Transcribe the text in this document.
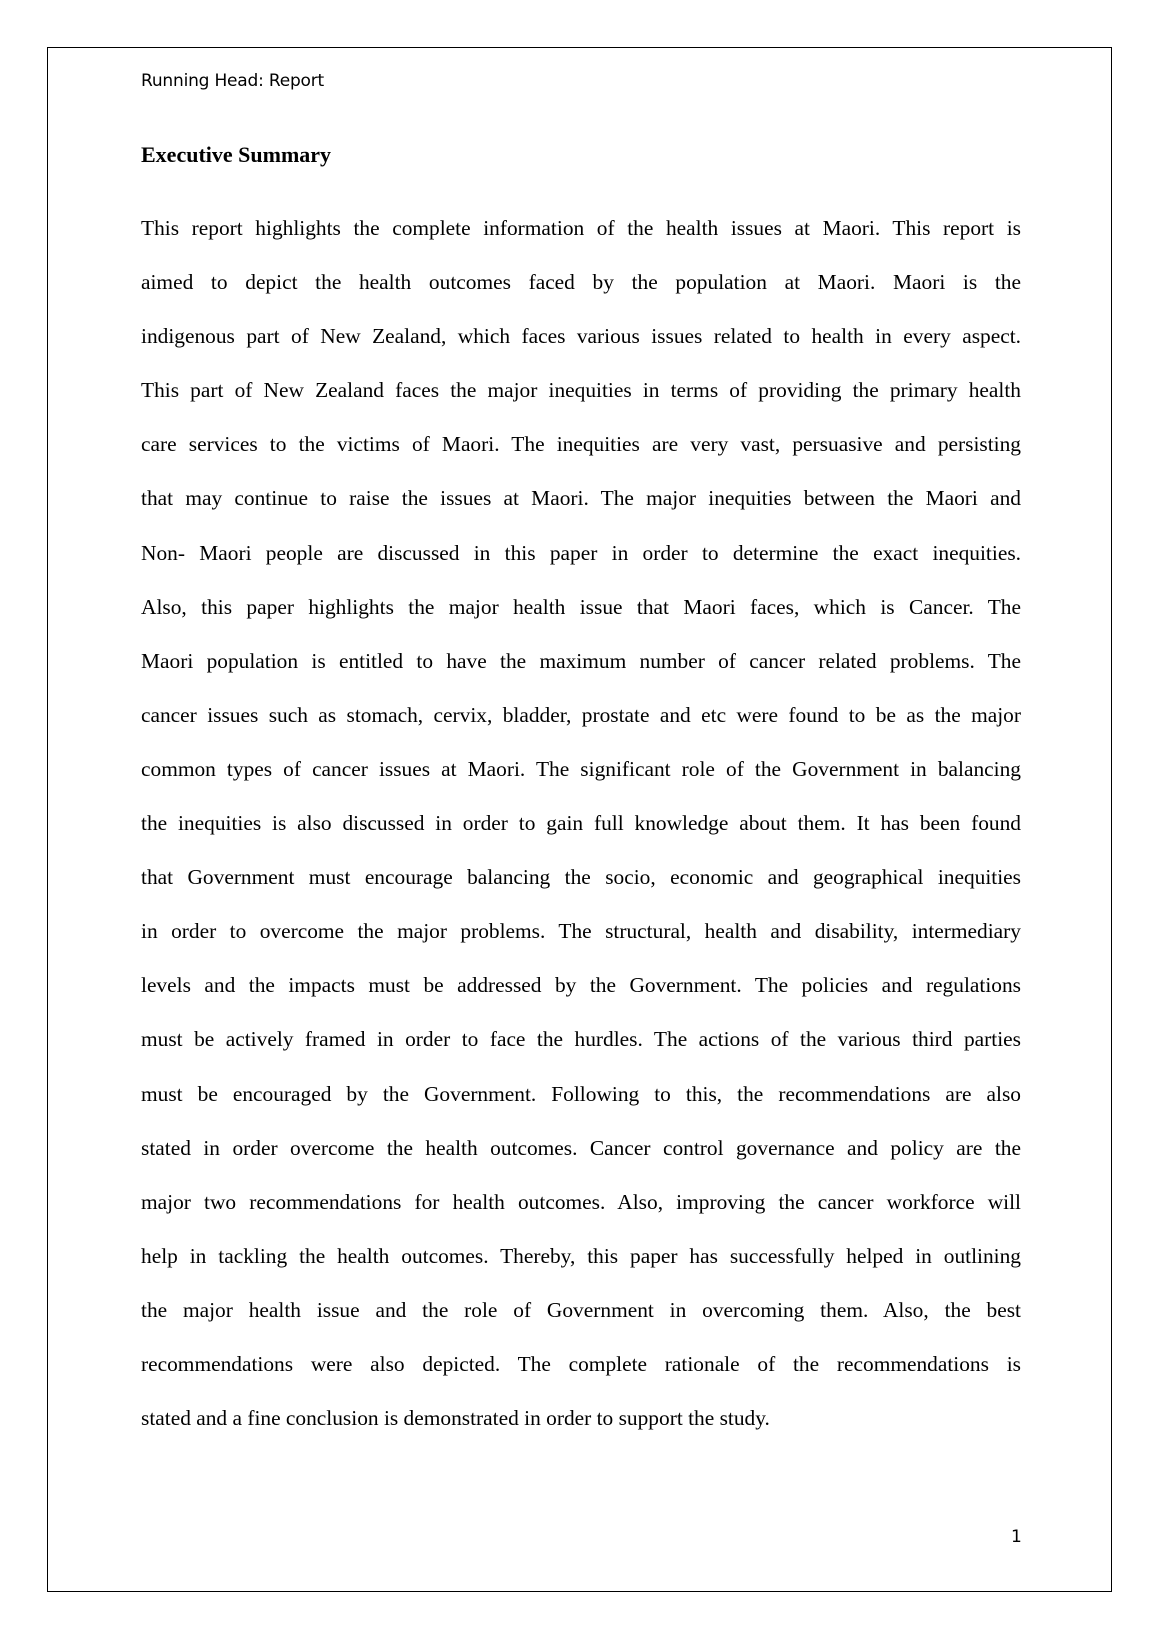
Running Head: Report
Executive Summary
This report highlights the complete information of the health issues at Maori. This report is
aimed to depict the health outcomes faced by the population at Maori. Maori is the
indigenous part of New Zealand, which faces various issues related to health in every aspect.
This part of New Zealand faces the major inequities in terms of providing the primary health
care services to the victims of Maori. The inequities are very vast, persuasive and persisting
that may continue to raise the issues at Maori. The major inequities between the Maori and
Non- Maori people are discussed in this paper in order to determine the exact inequities.
Also, this paper highlights the major health issue that Maori faces, which is Cancer. The
Maori population is entitled to have the maximum number of cancer related problems. The
cancer issues such as stomach, cervix, bladder, prostate and etc were found to be as the major
common types of cancer issues at Maori. The significant role of the Government in balancing
the inequities is also discussed in order to gain full knowledge about them. It has been found
that Government must encourage balancing the socio, economic and geographical inequities
in order to overcome the major problems. The structural, health and disability, intermediary
levels and the impacts must be addressed by the Government. The policies and regulations
must be actively framed in order to face the hurdles. The actions of the various third parties
must be encouraged by the Government. Following to this, the recommendations are also
stated in order overcome the health outcomes. Cancer control governance and policy are the
major two recommendations for health outcomes. Also, improving the cancer workforce will
help in tackling the health outcomes. Thereby, this paper has successfully helped in outlining
the major health issue and the role of Government in overcoming them. Also, the best
recommendations were also depicted. The complete rationale of the recommendations is
stated and a fine conclusion is demonstrated in order to support the study.
1
